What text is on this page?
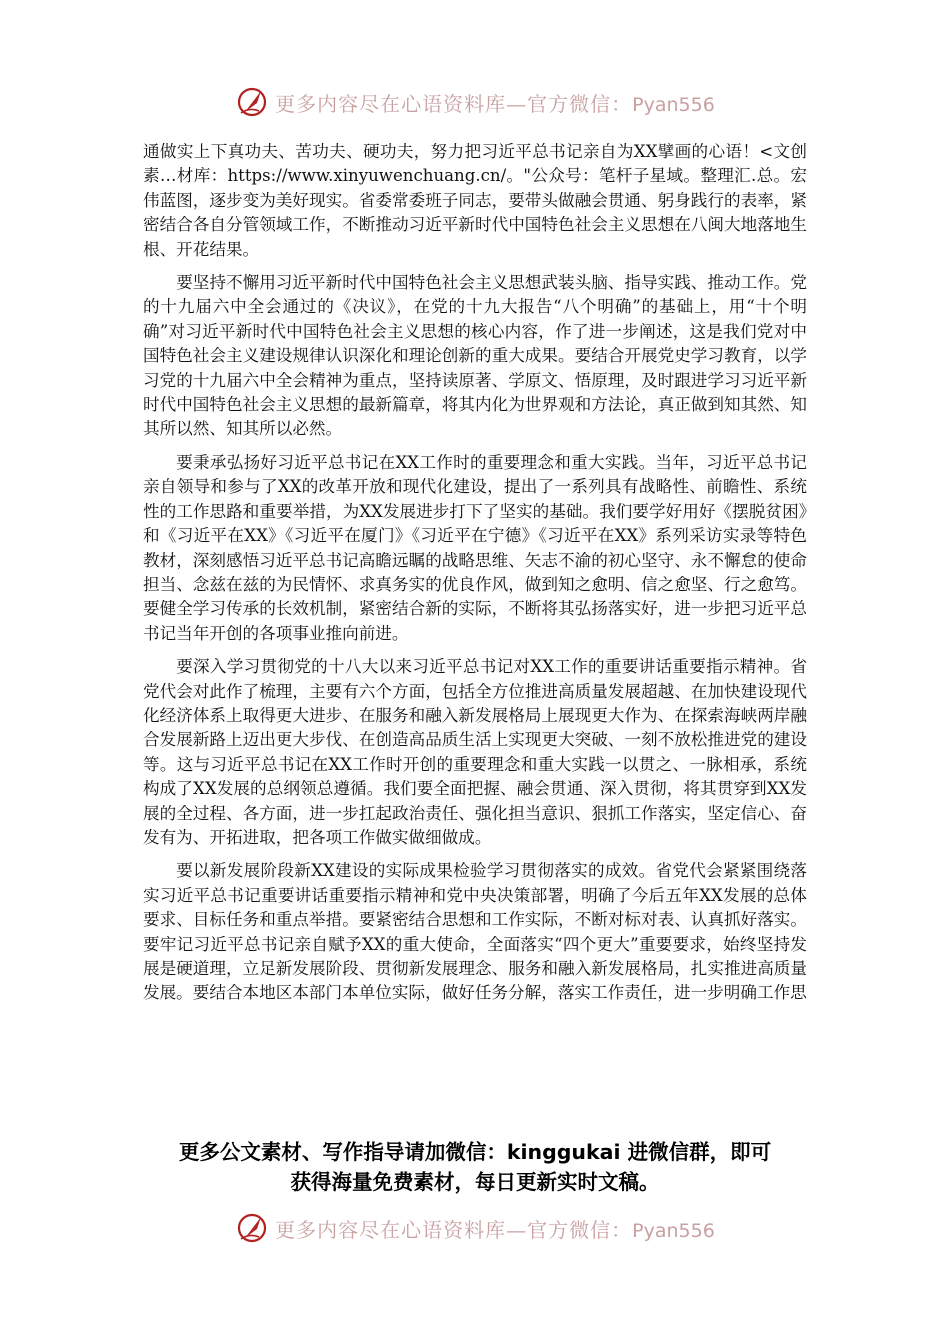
更多内容尽在心语资料库—官方微信：Pyan556

通做实上下真功夫、苦功夫、硬功夫，努力把习近平总书记亲自为XX擘画的心语！<文创素…材库：https://www.xinyuwenchuang.cn/。"公众号：笔杆子星域。整理汇.总。宏伟蓝图，逐步变为美好现实。省委常委班子同志，要带头做融会贯通、躬身践行的表率，紧密结合各自分管领域工作，不断推动习近平新时代中国特色社会主义思想在八闽大地落地生根、开花结果。

要坚持不懈用习近平新时代中国特色社会主义思想武装头脑、指导实践、推动工作。党的十九届六中全会通过的《决议》，在党的十九大报告“八个明确”的基础上，用“十个明确”对习近平新时代中国特色社会主义思想的核心内容，作了进一步阐述，这是我们党对中国特色社会主义建设规律认识深化和理论创新的重大成果。要结合开展党史学习教育，以学习党的十九届六中全会精神为重点，坚持读原著、学原文、悟原理，及时跟进学习习近平新时代中国特色社会主义思想的最新篇章，将其内化为世界观和方法论，真正做到知其然、知其所以然、知其所以必然。

要秉承弘扬好习近平总书记在XX工作时的重要理念和重大实践。当年，习近平总书记亲自领导和参与了XX的改革开放和现代化建设，提出了一系列具有战略性、前瞻性、系统性的工作思路和重要举措，为XX发展进步打下了坚实的基础。我们要学好用好《摆脱贫困》和《习近平在XX》《习近平在厦门》《习近平在宁德》《习近平在XX》系列采访实录等特色教材，深刻感悟习近平总书记高瞻远瞩的战略思维、矢志不渝的初心坚守、永不懈怠的使命担当、念兹在兹的为民情怀、求真务实的优良作风，做到知之愈明、信之愈坚、行之愈笃。要健全学习传承的长效机制，紧密结合新的实际，不断将其弘扬落实好，进一步把习近平总书记当年开创的各项事业推向前进。

要深入学习贯彻党的十八大以来习近平总书记对XX工作的重要讲话重要指示精神。省党代会对此作了梳理，主要有六个方面，包括全方位推进高质量发展超越、在加快建设现代化经济体系上取得更大进步、在服务和融入新发展格局上展现更大作为、在探索海峡两岸融合发展新路上迈出更大步伐、在创造高品质生活上实现更大突破、一刻不放松推进党的建设等。这与习近平总书记在XX工作时开创的重要理念和重大实践一以贯之、一脉相承，系统构成了XX发展的总纲领总遵循。我们要全面把握、融会贯通、深入贯彻，将其贯穿到XX发展的全过程、各方面，进一步扛起政治责任、强化担当意识、狠抓工作落实，坚定信心、奋发有为、开拓进取，把各项工作做实做细做成。

要以新发展阶段新XX建设的实际成果检验学习贯彻落实的成效。省党代会紧紧围绕落实习近平总书记重要讲话重要指示精神和党中央决策部署，明确了今后五年XX发展的总体要求、目标任务和重点举措。要紧密结合思想和工作实际，不断对标对表、认真抓好落实。要牢记习近平总书记亲自赋予XX的重大使命，全面落实“四个更大”重要要求，始终坚持发展是硬道理，立足新发展阶段、贯彻新发展理念、服务和融入新发展格局，扎实推进高质量发展。要结合本地区本部门本单位实际，做好任务分解，落实工作责任，进一步明确工作思

更多公文素材、写作指导请加微信：kinggukai 进微信群，即可
获得海量免费素材，每日更新实时文稿。
更多内容尽在心语资料库—官方微信：Pyan556
